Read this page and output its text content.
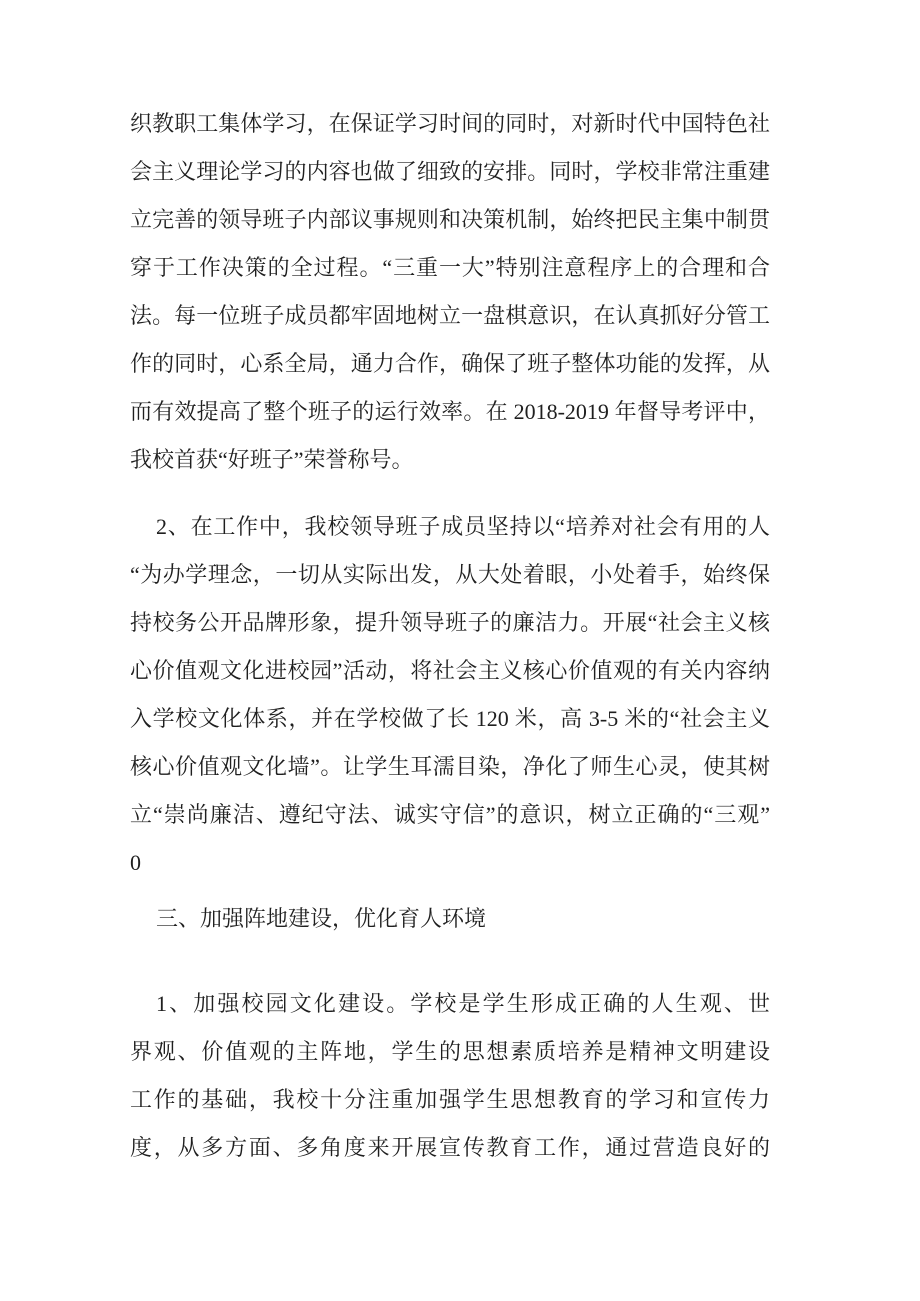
织教职工集体学习，在保证学习时间的同时，对新时代中国特色社
会主义理论学习的内容也做了细致的安排。同时，学校非常注重建
立完善的领导班子内部议事规则和决策机制，始终把民主集中制贯
穿于工作决策的全过程。“三重一大”特别注意程序上的合理和合
法。每一位班子成员都牢固地树立一盘棋意识，在认真抓好分管工
作的同时，心系全局，通力合作，确保了班子整体功能的发挥，从
而有效提高了整个班子的运行效率。在 2018-2019 年督导考评中，
我校首获“好班子”荣誉称号。
2、在工作中，我校领导班子成员坚持以“培养对社会有用的人
“为办学理念，一切从实际出发，从大处着眼，小处着手，始终保
持校务公开品牌形象，提升领导班子的廉洁力。开展“社会主义核
心价值观文化进校园”活动，将社会主义核心价值观的有关内容纳
入学校文化体系，并在学校做了长 120 米，高 3-5 米的“社会主义
核心价值观文化墙”。让学生耳濡目染，净化了师生心灵，使其树
立“崇尚廉洁、遵纪守法、诚实守信”的意识，树立正确的“三观”
0
三、加强阵地建设，优化育人环境
1、加强校园文化建设。学校是学生形成正确的人生观、世
界观、价值观的主阵地，学生的思想素质培养是精神文明建设
工作的基础，我校十分注重加强学生思想教育的学习和宣传力
度，从多方面、多角度来开展宣传教育工作，通过营造良好的
